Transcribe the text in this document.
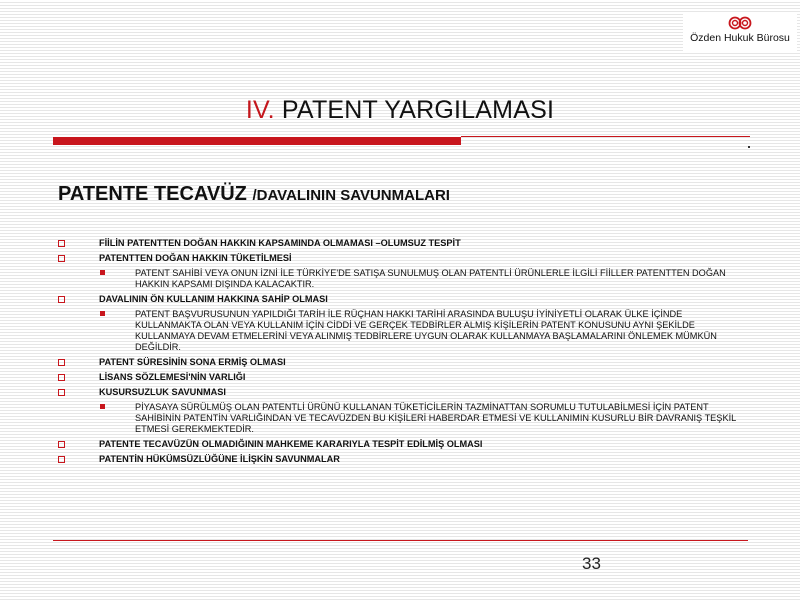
Özden Hukuk Bürosu
IV. PATENT YARGILAMASI
PATENTE TECAVÜZ /DAVALININ SAVUNMALARI
FİİLİN PATENTTEN DOĞAN HAKKIN KAPSAMINDA OLMAMASI –OLUMSUZ TESPİT
PATENTTEN DOĞAN HAKKIN TÜKETİLMESİ
PATENT SAHİBİ VEYA ONUN İZNİ İLE TÜRKİYE'DE SATIŞA SUNULMUŞ OLAN PATENTLİ ÜRÜNLERLE İLGİLİ FİİLLER PATENTTEN DOĞAN HAKKIN KAPSAMI DIŞINDA KALACAKTIR.
DAVALININ ÖN KULLANIM HAKKINA SAHİP OLMASI
PATENT BAŞVURUSUNUN YAPILDIĞI TARİH İLE RÜÇHAN HAKKI TARİHİ ARASINDA BULUŞU İYİNİYETLİ OLARAK ÜLKE İÇİNDE KULLANMAKTA OLAN VEYA KULLANIM İÇİN CİDDİ VE GERÇEK TEDBİRLER ALMIŞ KİŞİLERİN PATENT KONUSUNU AYNI ŞEKİLDE KULLANMAYA DEVAM ETMELERİNİ VEYA ALINMIŞ TEDBİRLERE UYGUN OLARAK KULLANMAYA BAŞLAMALARINI ÖNLEMEK MÜMKÜN DEĞİLDİR.
PATENT SÜRESİNİN SONA ERMİŞ OLMASI
LİSANS SÖZLEMESİ'NİN VARLIĞI
KUSURSUZLUK SAVUNMASI
PİYASAYA SÜRÜLMÜŞ OLAN PATENTLİ ÜRÜNÜ KULLANAN TÜKETİCİLERİN TAZMİNATTAN SORUMLU TUTULABİLMESİ İÇİN PATENT SAHİBİNİN PATENTİN VARLIĞINDAN VE TECAVÜZDEN BU KİŞİLERİ HABERDAR ETMESİ VE KULLANIMIN KUSURLU BİR DAVRANIŞ TEŞKİL ETMESİ GEREKMEKTEDİR.
PATENTE TECAVÜZÜN OLMADIĞININ MAHKEME KARARIYLA TESPİT EDİLMİŞ OLMASI
PATENTİN HÜKÜMSÜZLÜĞÜNE İLİŞKİN SAVUNMALAR
33
